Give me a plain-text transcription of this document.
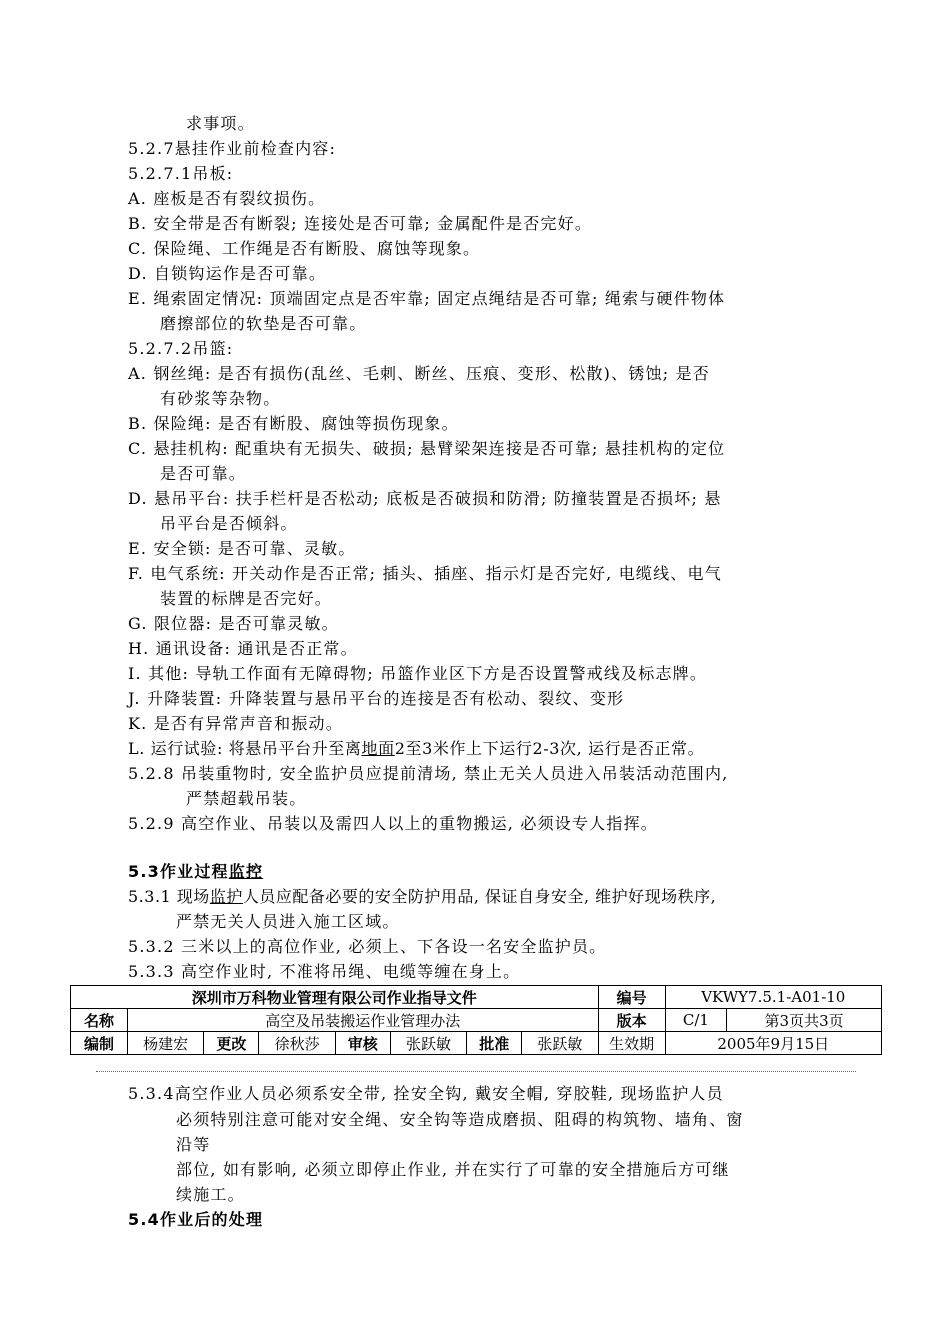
求事项。
5.2.7悬挂作业前检查内容:
5.2.7.1吊板:
A. 座板是否有裂纹损伤。
B. 安全带是否有断裂; 连接处是否可靠; 金属配件是否完好。
C. 保险绳、工作绳是否有断股、腐蚀等现象。
D. 自锁钩运作是否可靠。
E. 绳索固定情况: 顶端固定点是否牢靠; 固定点绳结是否可靠; 绳索与硬件物体
磨擦部位的软垫是否可靠。
5.2.7.2吊篮:
A. 钢丝绳: 是否有损伤(乱丝、毛刺、断丝、压痕、变形、松散)、锈蚀; 是否
有砂浆等杂物。
B. 保险绳: 是否有断股、腐蚀等损伤现象。
C. 悬挂机构: 配重块有无损失、破损; 悬臂梁架连接是否可靠; 悬挂机构的定位
是否可靠。
D. 悬吊平台: 扶手栏杆是否松动; 底板是否破损和防滑; 防撞装置是否损坏; 悬
吊平台是否倾斜。
E. 安全锁: 是否可靠、灵敏。
F. 电气系统: 开关动作是否正常; 插头、插座、指示灯是否完好, 电缆线、电气
装置的标牌是否完好。
G. 限位器: 是否可靠灵敏。
H. 通讯设备: 通讯是否正常。
I. 其他: 导轨工作面有无障碍物; 吊篮作业区下方是否设置警戒线及标志牌。
J. 升降装置: 升降装置与悬吊平台的连接是否有松动、裂纹、变形
K. 是否有异常声音和振动。
L. 运行试验: 将悬吊平台升至离地面2至3米作上下运行2-3次, 运行是否正常。
5.2.8 吊装重物时, 安全监护员应提前清场, 禁止无关人员进入吊装活动范围内,
严禁超载吊装。
5.2.9 高空作业、吊装以及需四人以上的重物搬运, 必须设专人指挥。
5.3作业过程监控
5.3.1 现场监护人员应配备必要的安全防护用品, 保证自身安全, 维护好现场秩序,
严禁无关人员进入施工区域。
5.3.2 三米以上的高位作业, 必须上、下各设一名安全监护员。
5.3.3 高空作业时, 不准将吊绳、电缆等缠在身上。
深圳市万科物业管理有限公司作业指导文件								编号	VKWY7.5.1-A01-10	
名称	高空及吊装搬运作业管理办法							版本	C/1	第3页共3页
编制	杨建宏	更改	徐秋莎	审核	张跃敏	批准	张跃敏	生效期	2005年9月15日	
5.3.4高空作业人员必须系安全带, 拴安全钩, 戴安全帽, 穿胶鞋, 现场监护人员
必须特别注意可能对安全绳、安全钩等造成磨损、阻碍的构筑物、墙角、窗
沿等
部位, 如有影响, 必须立即停止作业, 并在实行了可靠的安全措施后方可继
续施工。
5.4作业后的处理
